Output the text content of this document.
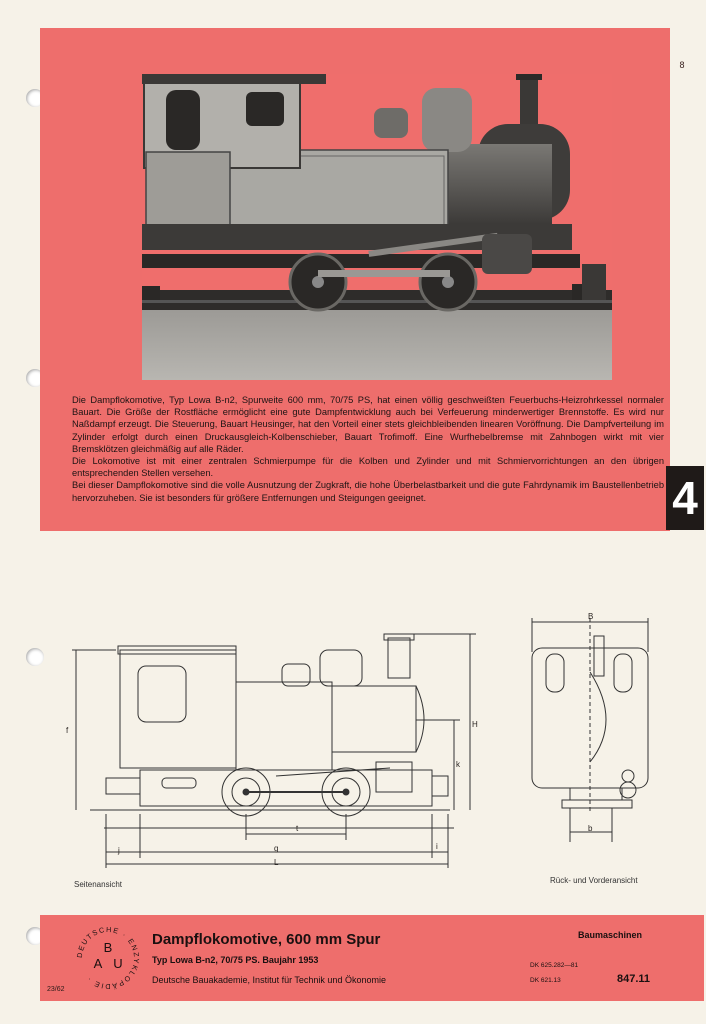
8

Die Dampflokomotive, Typ Lowa B-n2, Spurweite 600 mm, 70/75 PS, hat einen völlig geschweißten Feuerbuchs-Heizrohrkessel normaler Bauart. Die Größe der Rostfläche ermöglicht eine gute Dampfentwicklung auch bei Verfeuerung minderwertiger Brennstoffe. Es wird nur Naßdampf erzeugt. Die Steuerung, Bauart Heusinger, hat den Vorteil einer stets gleichbleibenden linearen Voröffnung. Die Dampfverteilung im Zylinder erfolgt durch einen Druckausgleich-Kolbenschieber, Bauart Trofimoff. Eine Wurfhebelbremse mit Zahnbogen wirkt mit vier Bremsklötzen gleichmäßig auf alle Räder.

Die Lokomotive ist mit einer zentralen Schmierpumpe für die Kolben und Zylinder und mit Schmiervorrichtungen an den übrigen entsprechenden Stellen versehen.

Bei dieser Dampflokomotive sind die volle Ausnutzung der Zugkraft, die hohe Überbelastbarkeit und die gute Fahrdynamik im Baustellenbetrieb hervorzuheben. Sie ist besonders für größere Entfernungen und Steigungen geeignet.	4
f
H
k
t
j	g	i
L
Seitenansicht
B
b
Rück- und Vorderansicht
DEUTSCHE · ENZYKLOPÄDIE ·
B
A U
23/62
Dampflokomotive, 600 mm Spur
Typ Lowa B-n2, 70/75 PS. Baujahr 1953
Deutsche Bauakademie, Institut für Technik und Ökonomie
Baumaschinen
DK 625.282—81
DK 621.13	847.11
